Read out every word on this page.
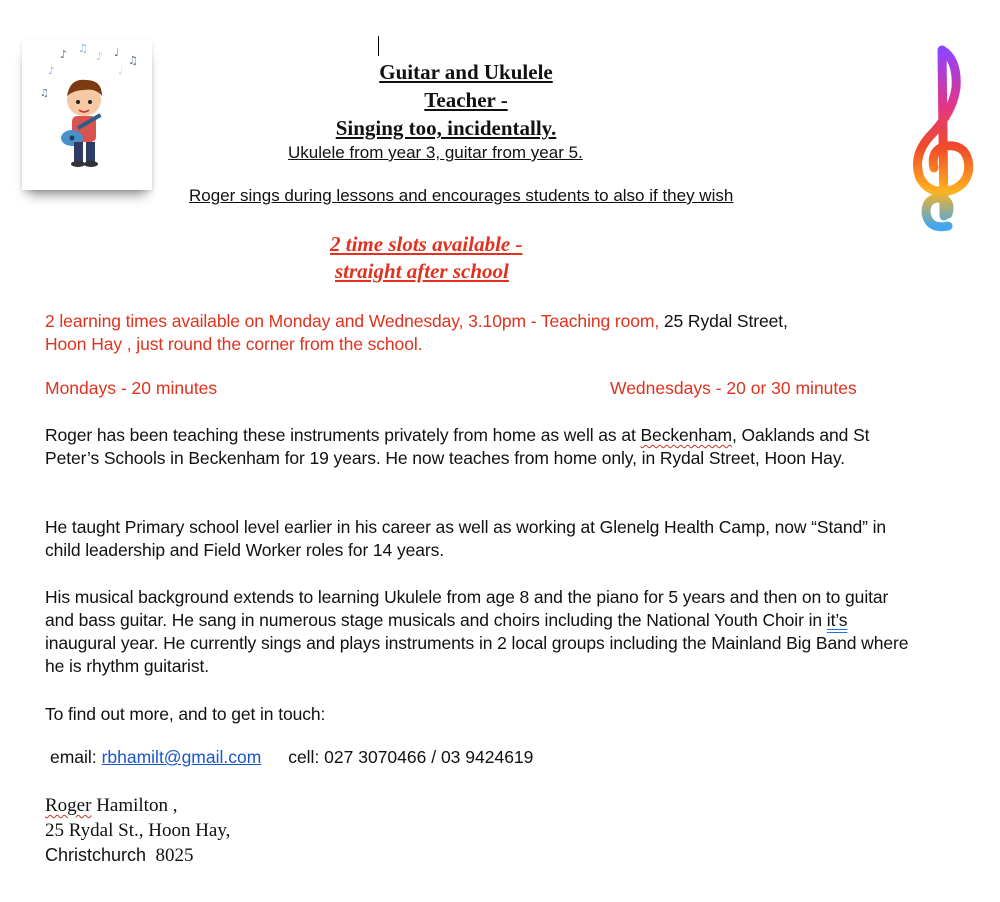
♪ ♫
♪ ♩
♫
♪
♫
♩	Guitar and Ukulele
Teacher -
Singing too, incidentally.
Ukulele from year 3, guitar from year 5.
Roger sings during lessons and encourages students to also if they wish
2 time slots available -
straight after school
2 learning times available on Monday and Wednesday, 3.10pm - Teaching room, 25 Rydal Street,
Hoon Hay , just round the corner from the school.
Mondays - 20 minutes	Wednesdays - 20 or 30 minutes
Roger has been teaching these instruments privately from home as well as at Beckenham, Oaklands and St Peter’s Schools in Beckenham for 19 years. He now teaches from home only, in Rydal Street, Hoon Hay.
He taught Primary school level earlier in his career as well as working at Glenelg Health Camp, now “Stand” in child leadership and Field Worker roles for 14 years.
His musical background extends to learning Ukulele from age 8 and the piano for 5 years and then on to guitar and bass guitar. He sang in numerous stage musicals and choirs including the National Youth Choir in it’s inaugural year. He currently sings and plays instruments in 2 local groups including the Mainland Big Band where he is rhythm guitarist.
To find out more, and to get in touch:
email: rbhamilt@gmail.com cell: 027 3070466 / 03 9424619
Roger Hamilton ,
25 Rydal St., Hoon Hay,
Christchurch 8025
